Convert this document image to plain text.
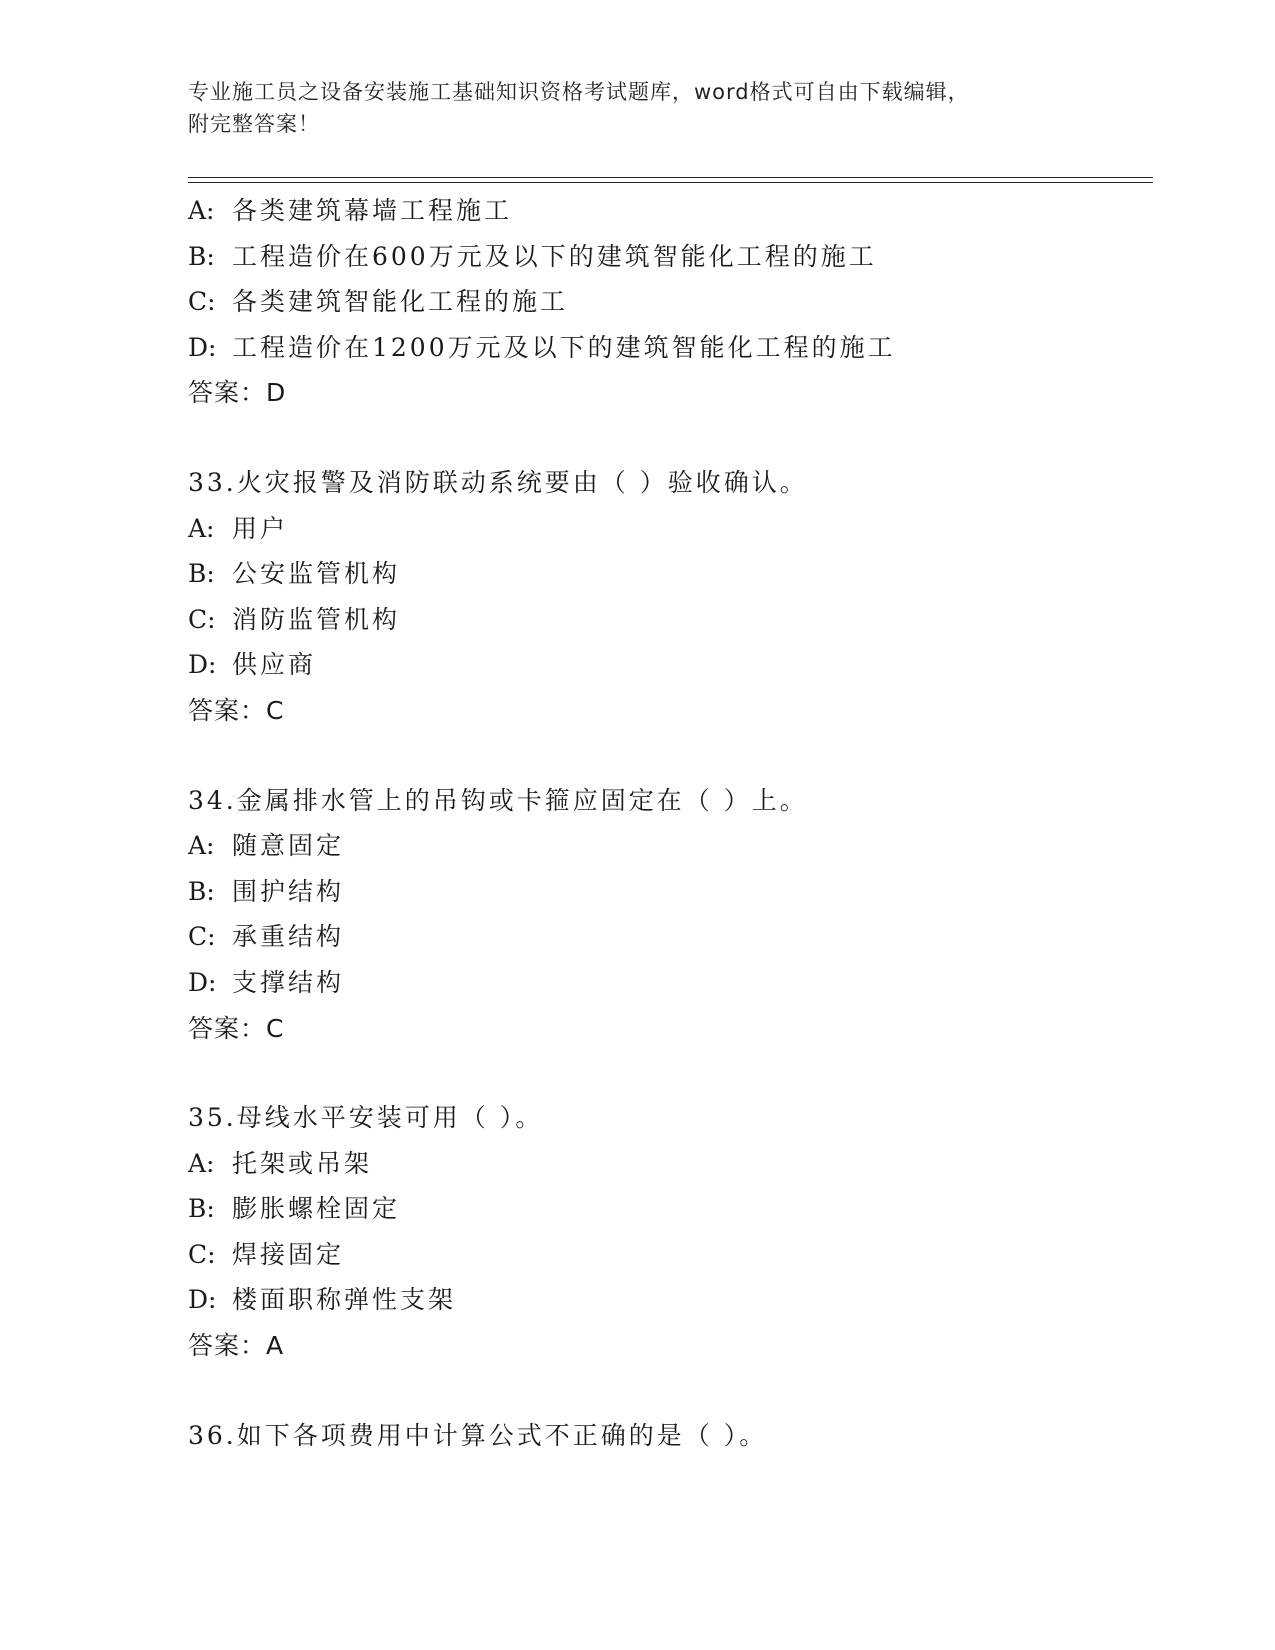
专业施工员之设备安装施工基础知识资格考试题库，word格式可自由下载编辑，
附完整答案！
A: 各类建筑幕墙工程施工
B: 工程造价在600万元及以下的建筑智能化工程的施工
C: 各类建筑智能化工程的施工
D: 工程造价在1200万元及以下的建筑智能化工程的施工
答案：D
33.火灾报警及消防联动系统要由（ ）验收确认。
A: 用户
B: 公安监管机构
C: 消防监管机构
D: 供应商
答案：C
34.金属排水管上的吊钩或卡箍应固定在（ ）上。
A: 随意固定
B: 围护结构
C: 承重结构
D: 支撑结构
答案：C
35.母线水平安装可用（ ）。
A: 托架或吊架
B: 膨胀螺栓固定
C: 焊接固定
D: 楼面职称弹性支架
答案：A
36.如下各项费用中计算公式不正确的是（ ）。
